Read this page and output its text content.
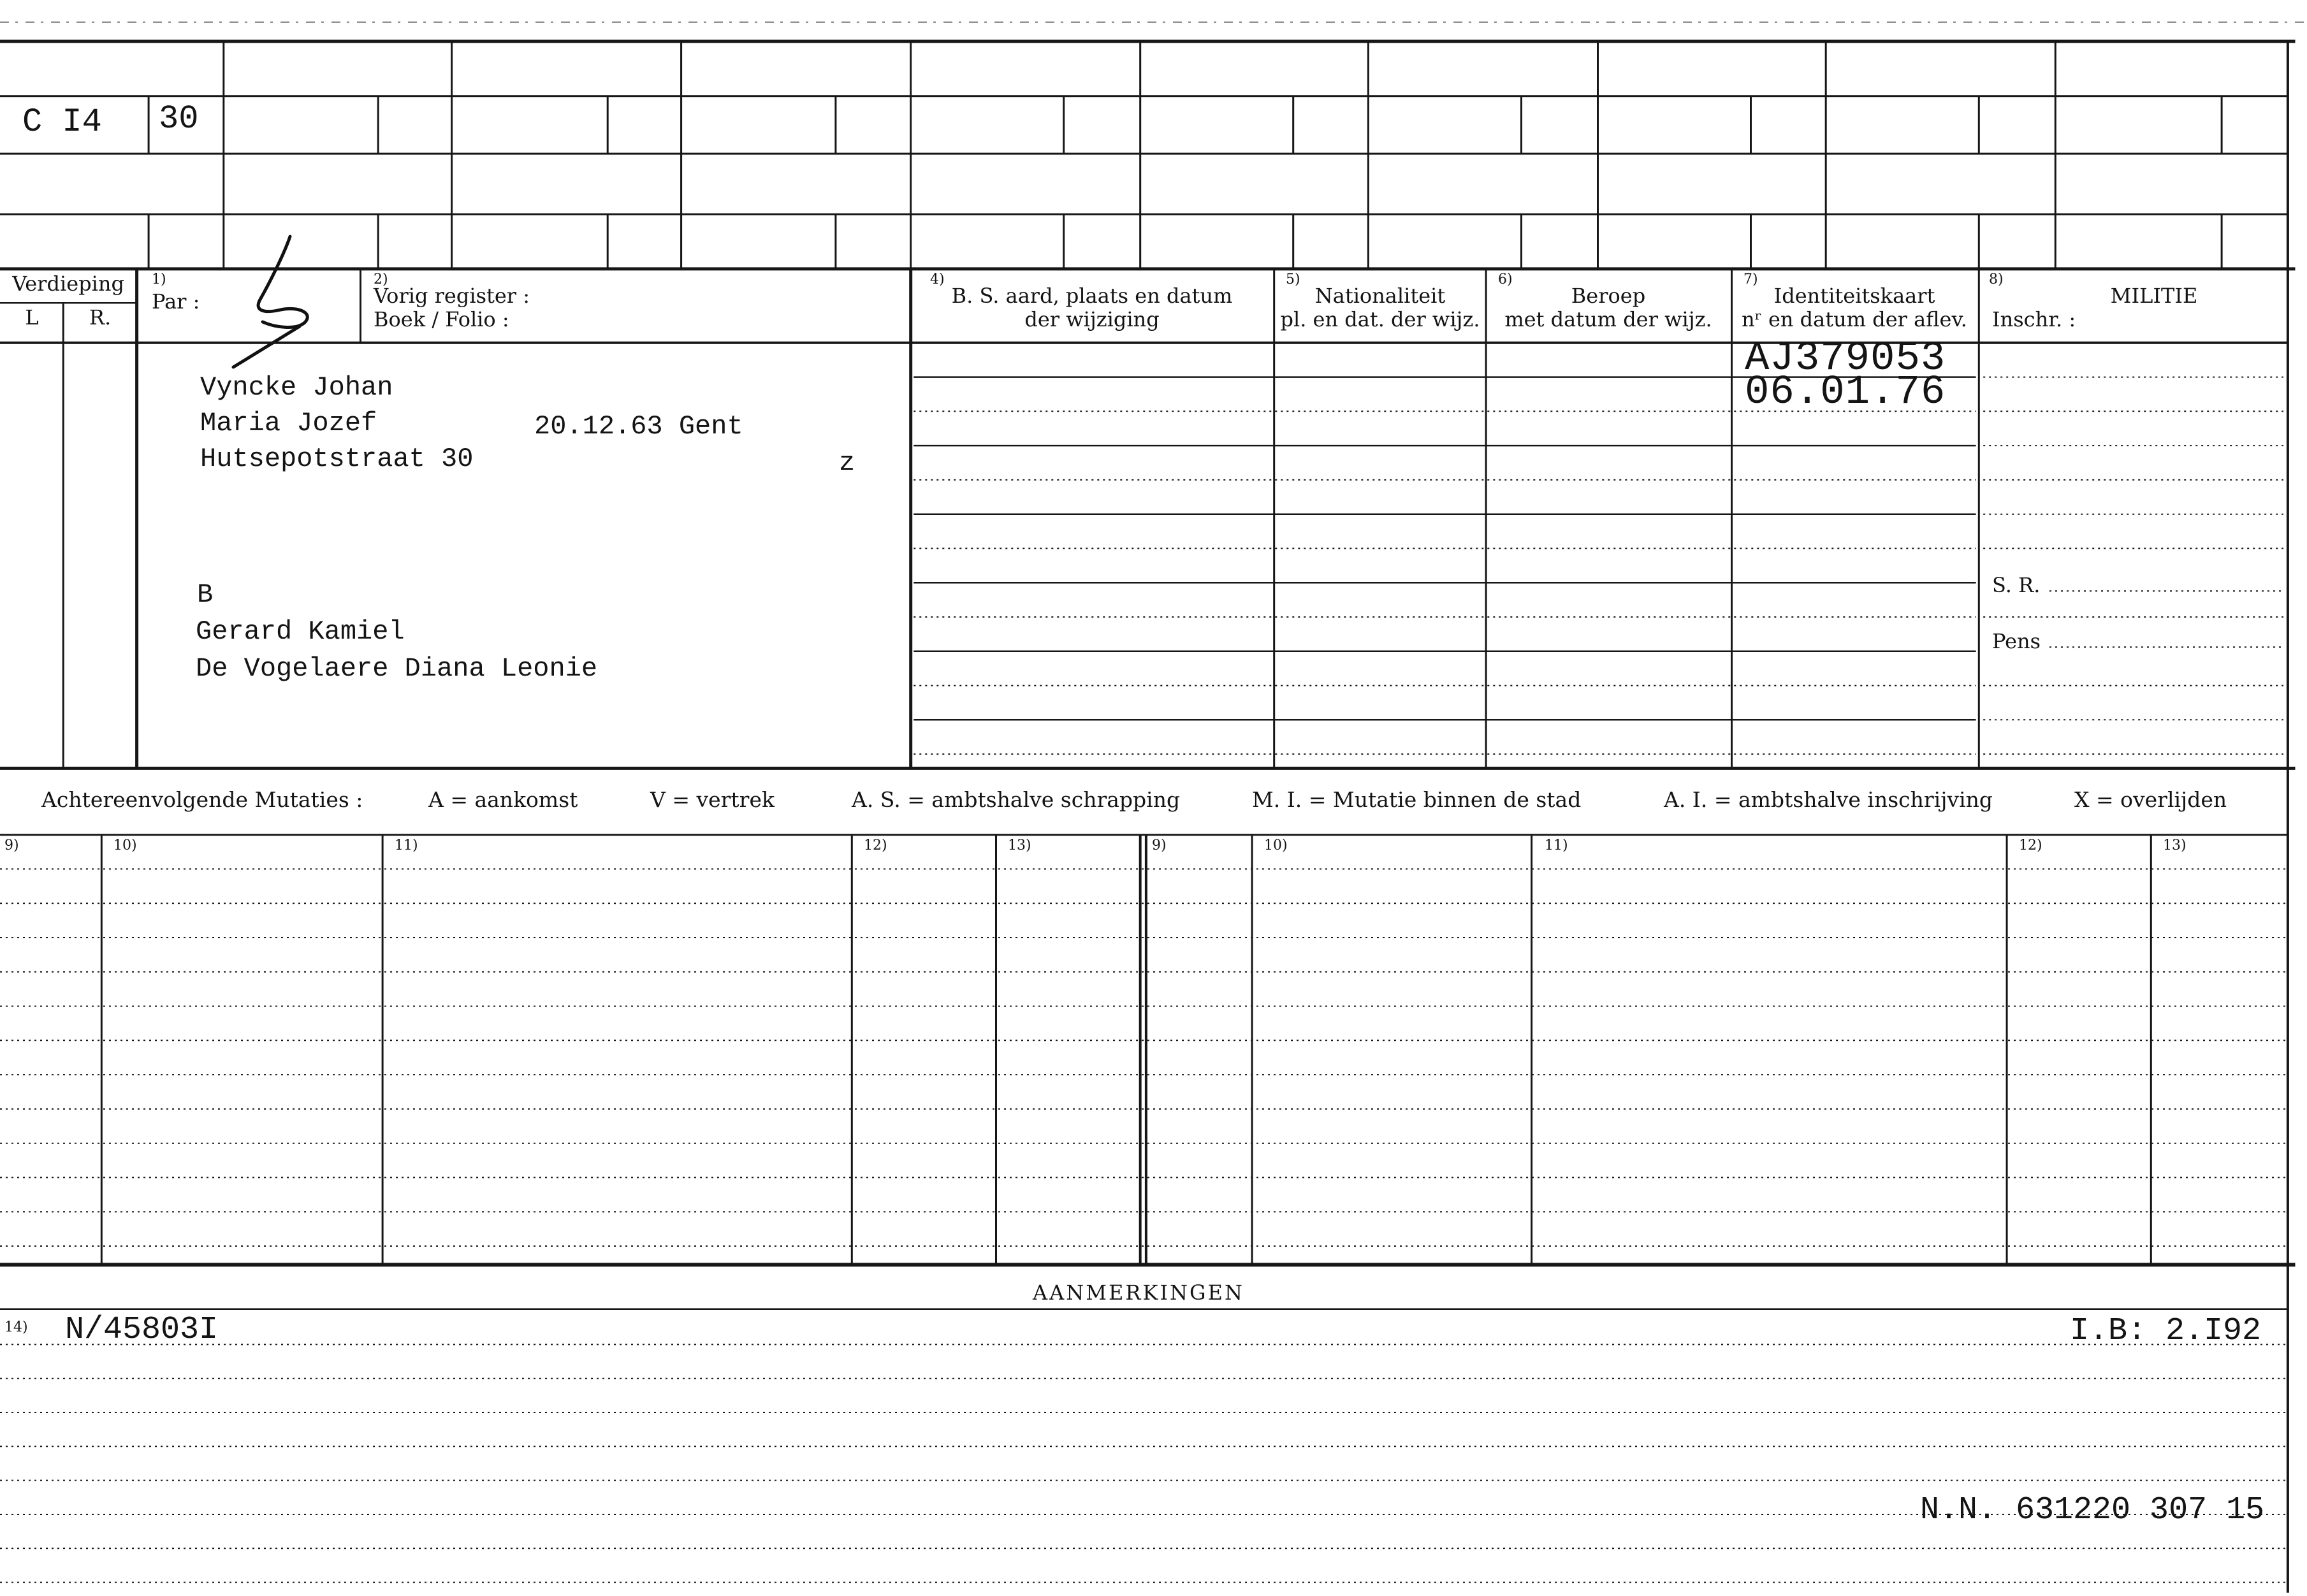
C I4 30
Verdieping
L R.
1)
Par :
2)
Vorig register :
Boek / Folio :
4)
B. S. aard, plaats en datum
der wijziging
5)
Nationaliteit
pl. en dat. der wijz.
6)
Beroep
met datum der wijz.
7)
Identiteitskaart
nʳ en datum der aflev.
8)
MILITIE
Inschr. :
Vyncke Johan
Maria Jozef	20.12.63 Gent
Hutsepotstraat 30	z
B
Gerard Kamiel
De Vogelaere Diana Leonie
AJ379053
06.01.76
S. R.
Pens
Achtereenvolgende Mutaties :	A = aankomst	V = vertrek	A. S. = ambtshalve schrapping	M. I. = Mutatie binnen de stad	A. I. = ambtshalve inschrijving	X = overlijden
9)	10)	11)	12)	13)	9)	10)	11)	12)	13)
AANMERKINGEN
14) N/45803I	I.B: 2.I92
N.N. 631220 307 15
